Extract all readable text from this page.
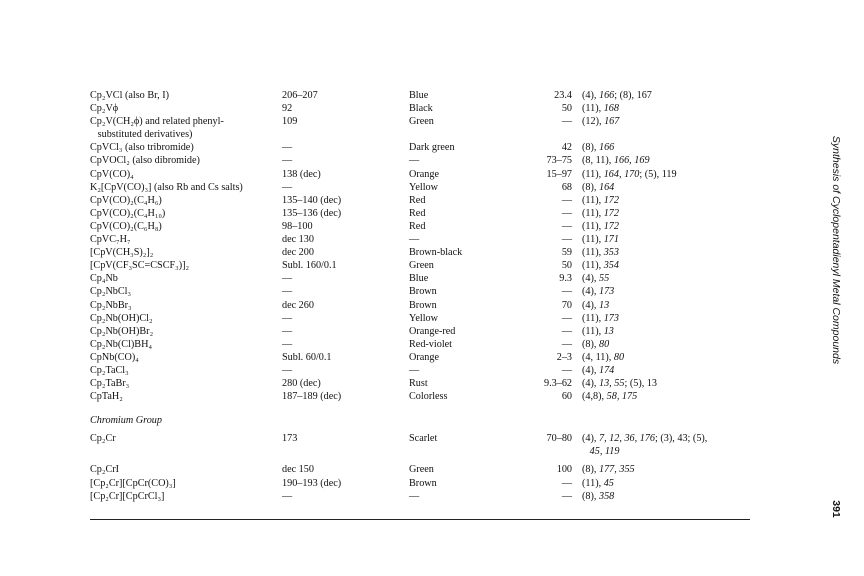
Cp₂VCl (also Br, I)	206–207	Blue	23.4 (4), 166; (8), 167
Cp₂Vϕ	92	Black	50 (11), 168
Cp₂V(CH₂ϕ) and related phenyl-	109	Green	— (12), 167
substituted derivatives)
CpVCl₃ (also tribromide)	—	Dark green	42 (8), 166
CpVOCl₂ (also dibromide)	—	—	73–75 (8, 11), 166, 169
CpV(CO)₄	138 (dec)	Orange	15–97 (11), 164, 170; (5), 119
K₂[CpV(CO)₃] (also Rb and Cs salts)	—	Yellow	68 (8), 164
CpV(CO)₂(C₄H₆)	135–140 (dec)	Red	— (11), 172
CpV(CO)₂(C₄H₁₀)	135–136 (dec)	Red	— (11), 172
CpV(CO)₂(C₆H₈)	98–100	Red	— (11), 172
CpVC₇H₇	dec 130	—	— (11), 171
[CpV(CH₃S)₂]₂	dec 200	Brown-black	59 (11), 353
[CpV(CF₃SC=CSCF₃)]₂	Subl. 160/0.1	Green	50 (11), 354
Cp₄Nb	—	Blue	9.3 (4), 55
Cp₂NbCl₃	—	Brown	— (4), 173
Cp₂NbBr₃	dec 260	Brown	70 (4), 13
Cp₂Nb(OH)Cl₂	—	Yellow	— (11), 173
Cp₂Nb(OH)Br₂	—	Orange-red	— (11), 13
Cp₂Nb(Cl)BH₄	—	Red-violet	— (8), 80
CpNb(CO)₄	Subl. 60/0.1	Orange	2–3 (4, 11), 80
Cp₂TaCl₃	—	—	— (4), 174
Cp₂TaBr₃	280 (dec)	Rust	9.3–62 (4), 13, 55; (5), 13
CpTaH₂	187–189 (dec)	Colorless	60 (4,8), 58, 175
Chromium Group
Cp₂Cr	173	Scarlet	70–80 (4), 7, 12, 36, 176; (3), 43; (5),
45, 119
Cp₂CrI	dec 150	Green	100 (8), 177, 355
[Cp₂Cr][CpCr(CO)₃]	190–193 (dec)	Brown	— (11), 45
[Cp₂Cr][CpCrCl₃]	—	—	— (8), 358
Synthesis of Cyclopentadienyl Metal Compounds
391
